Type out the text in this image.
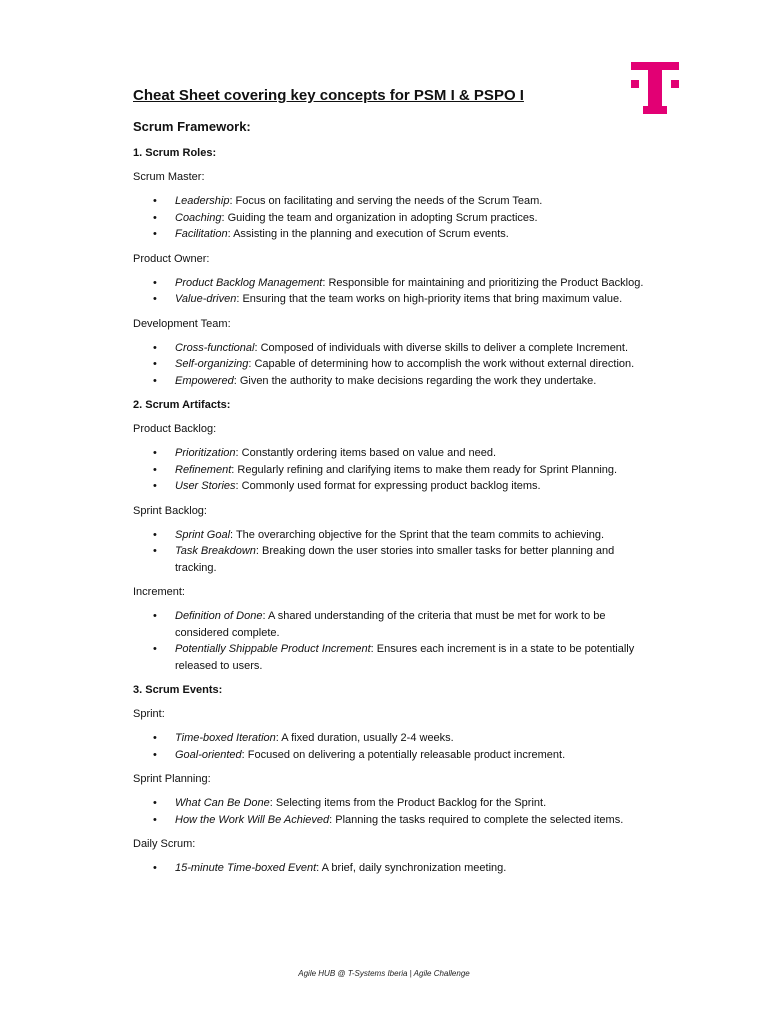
Cheat Sheet covering key concepts for PSM I & PSPO I
Scrum Framework:
1. Scrum Roles:
Scrum Master:
• Leadership: Focus on facilitating and serving the needs of the Scrum Team.
• Coaching: Guiding the team and organization in adopting Scrum practices.
• Facilitation: Assisting in the planning and execution of Scrum events.
Product Owner:
• Product Backlog Management: Responsible for maintaining and prioritizing the Product Backlog.
• Value-driven: Ensuring that the team works on high-priority items that bring maximum value.
Development Team:
• Cross-functional: Composed of individuals with diverse skills to deliver a complete Increment.
• Self-organizing: Capable of determining how to accomplish the work without external direction.
• Empowered: Given the authority to make decisions regarding the work they undertake.
2. Scrum Artifacts:
Product Backlog:
• Prioritization: Constantly ordering items based on value and need.
• Refinement: Regularly refining and clarifying items to make them ready for Sprint Planning.
• User Stories: Commonly used format for expressing product backlog items.
Sprint Backlog:
• Sprint Goal: The overarching objective for the Sprint that the team commits to achieving.
• Task Breakdown: Breaking down the user stories into smaller tasks for better planning and tracking.
Increment:
• Definition of Done: A shared understanding of the criteria that must be met for work to be considered complete.
• Potentially Shippable Product Increment: Ensures each increment is in a state to be potentially released to users.
3. Scrum Events:
Sprint:
• Time-boxed Iteration: A fixed duration, usually 2-4 weeks.
• Goal-oriented: Focused on delivering a potentially releasable product increment.
Sprint Planning:
• What Can Be Done: Selecting items from the Product Backlog for the Sprint.
• How the Work Will Be Achieved: Planning the tasks required to complete the selected items.
Daily Scrum:
• 15-minute Time-boxed Event: A brief, daily synchronization meeting.
Agile HUB @ T-Systems Iberia | Agile Challenge
